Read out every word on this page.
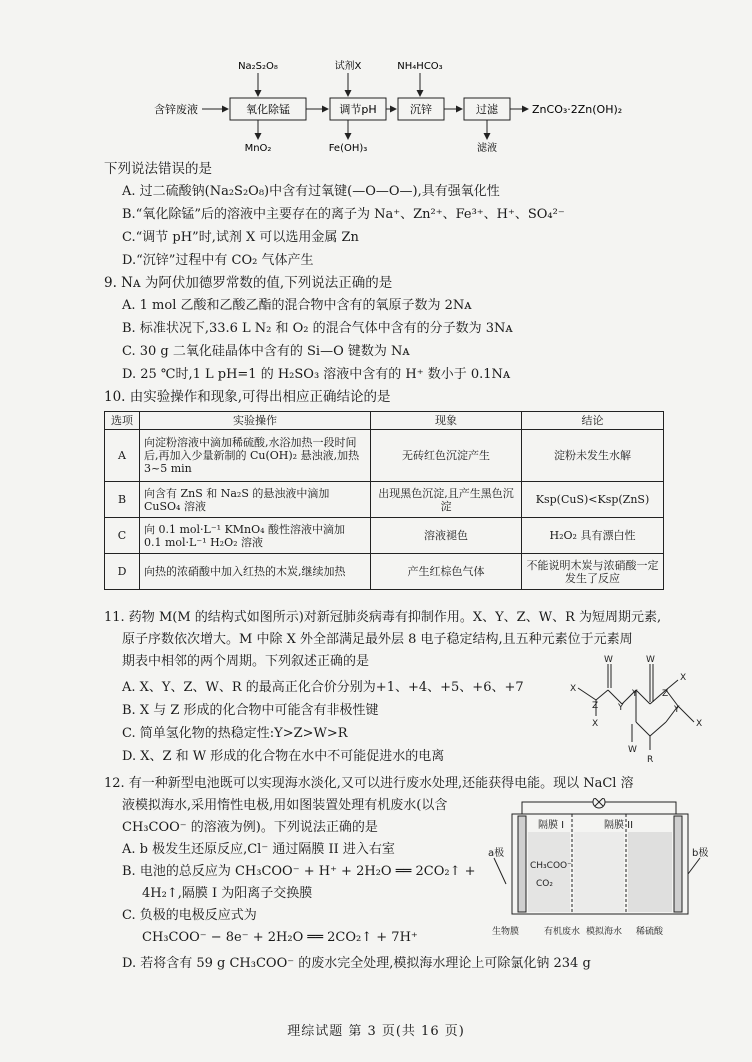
含锌废液	氧化除锰	调节pH	沉锌	过滤	ZnCO₃·2Zn(OH)₂
Na₂S₂O₈	试剂X	NH₄HCO₃
MnO₂	Fe(OH)₃	滤液
下列说法错误的是
A. 过二硫酸钠(Na₂S₂O₈)中含有过氧键(—O—O—),具有强氧化性
B.“氧化除锰”后的溶液中主要存在的离子为 Na⁺、Zn²⁺、Fe³⁺、H⁺、SO₄²⁻
C.“调节 pH”时,试剂 X 可以选用金属 Zn
D.“沉锌”过程中有 CO₂ 气体产生
9. Nᴀ 为阿伏加德罗常数的值,下列说法正确的是
A. 1 mol 乙酸和乙酸乙酯的混合物中含有的氧原子数为 2Nᴀ
B. 标准状况下,33.6 L N₂ 和 O₂ 的混合气体中含有的分子数为 3Nᴀ
C. 30 g 二氧化硅晶体中含有的 Si—O 键数为 Nᴀ
D. 25 ℃时,1 L pH=1 的 H₂SO₃ 溶液中含有的 H⁺ 数小于 0.1Nᴀ
10. 由实验操作和现象,可得出相应正确结论的是
选项	实验操作	现象	结论
A	向淀粉溶液中滴加稀硫酸,水浴加热一段时间后,再加入少量新制的 Cu(OH)₂ 悬浊液,加热 3~5 min	无砖红色沉淀产生	淀粉未发生水解
B	向含有 ZnS 和 Na₂S 的悬浊液中滴加 CuSO₄ 溶液	出现黑色沉淀,且产生黑色沉淀	Ksp(CuS)<Ksp(ZnS)
C	向 0.1 mol·L⁻¹ KMnO₄ 酸性溶液中滴加 0.1 mol·L⁻¹ H₂O₂ 溶液	溶液褪色	H₂O₂ 具有漂白性
D	向热的浓硝酸中加入红热的木炭,继续加热	产生红棕色气体	不能说明木炭与浓硝酸一定发生了反应
11. 药物 M(M 的结构式如图所示)对新冠肺炎病毒有抑制作用。X、Y、Z、W、R 为短周期元素,
原子序数依次增大。M 中除 X 外全部满足最外层 8 电子稳定结构,且五种元素位于元素周
期表中相邻的两个周期。下列叙述正确的是
A. X、Y、Z、W、R 的最高正化合价分别为+1、+4、+5、+6、+7
B. X 与 Z 形成的化合物中可能含有非极性键
C. 简单氢化物的热稳定性:Y>Z>W>R
D. X、Z 和 W 形成的化合物在水中不可能促进水的电离
X
Z
W	W
Y
Y	Z
X
Y
X
X
W
R
12. 有一种新型电池既可以实现海水淡化,又可以进行废水处理,还能获得电能。现以 NaCl 溶
液模拟海水,采用惰性电极,用如图装置处理有机废水(以含
CH₃COO⁻ 的溶液为例)。下列说法正确的是
A. b 极发生还原反应,Cl⁻ 通过隔膜 II 进入右室
B. 电池的总反应为 CH₃COO⁻ + H⁺ + 2H₂O ══ 2CO₂↑ +
4H₂↑,隔膜 I 为阳离子交换膜
C. 负极的电极反应式为
CH₃COO⁻ − 8e⁻ + 2H₂O ══ 2CO₂↑ + 7H⁺
D. 若将含有 59 g CH₃COO⁻ 的废水完全处理,模拟海水理论上可除氯化钠 234 g
隔膜 I	隔膜 II
a极	b极
CH₃COO⁻
CO₂
生物膜	有机废水 模拟海水 稀硫酸
理综试题 第 3 页(共 16 页)
